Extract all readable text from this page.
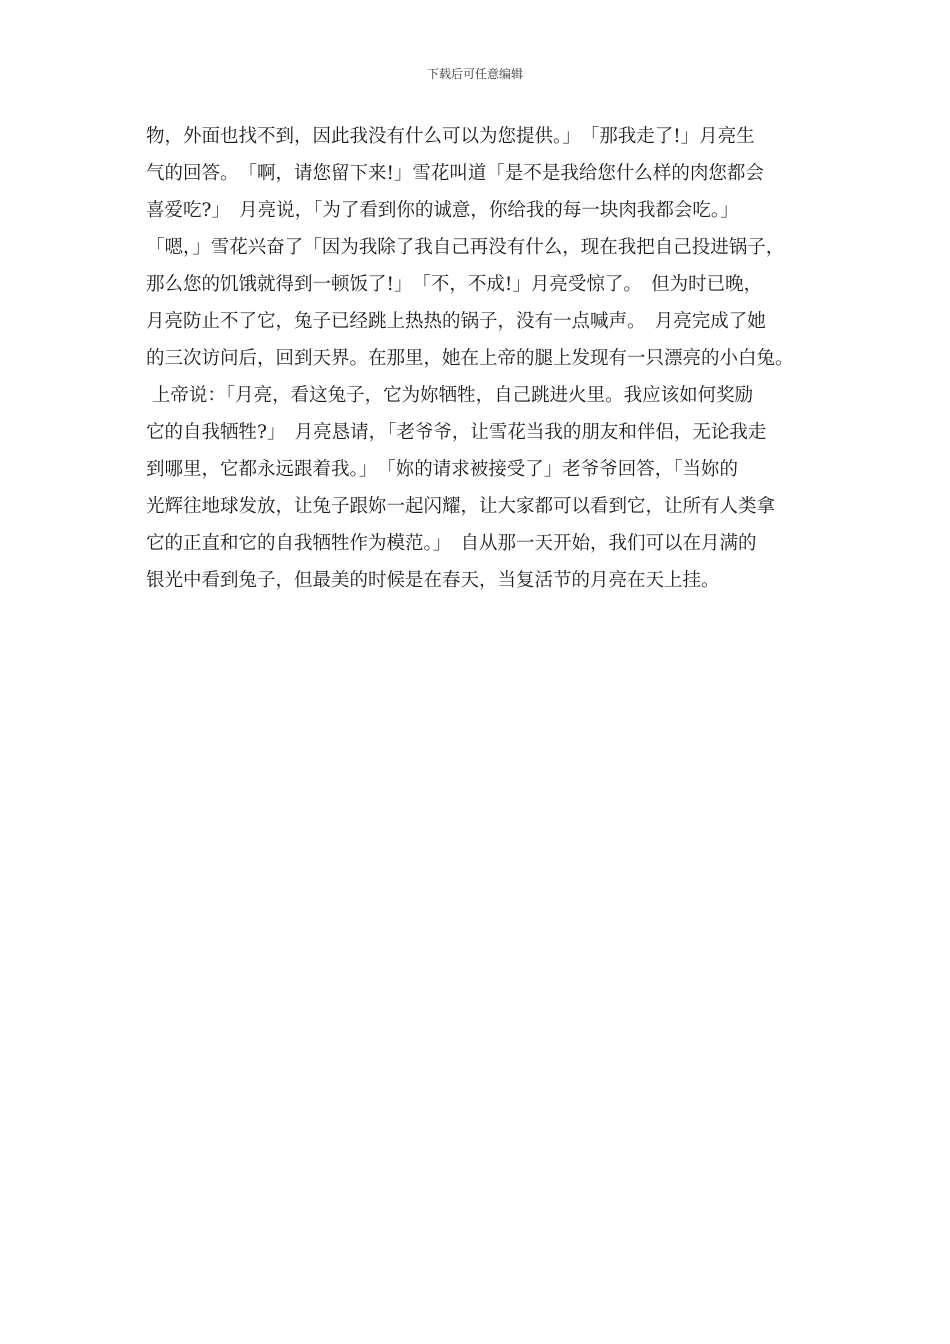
下载后可任意编辑
物，外面也找不到，因此我没有什么可以为您提供。」　「那我走了!」月亮生
气的回答。　「啊，请您留下来!」雪花叫道「是不是我给您什么样的肉您都会
喜爱吃?」　月亮说，「为了看到你的诚意，你给我的每一块肉我都会吃。」
「嗯，」雪花兴奋了「因为我除了我自己再没有什么，现在我把自己投进锅子，
那么您的饥饿就得到一顿饭了!」　「不，不成!」月亮受惊了。　但为时已晚，
月亮防止不了它，兔子已经跳上热热的锅子，没有一点喊声。　月亮完成了她
的三次访问后，回到天界。在那里，她在上帝的腿上发现有一只漂亮的小白兔。
上帝说：「月亮，看这兔子，它为妳牺牲，自己跳进火里。我应该如何奖励
它的自我牺牲?」　月亮恳请，「老爷爷，让雪花当我的朋友和伴侣，无论我走
到哪里，它都永远跟着我。」　「妳的请求被接受了」老爷爷回答，「当妳的
光辉往地球发放，让兔子跟妳一起闪耀，让大家都可以看到它，让所有人类拿
它的正直和它的自我牺牲作为模范。」　自从那一天开始，我们可以在月满的
银光中看到兔子，但最美的时候是在春天，当复活节的月亮在天上挂。
